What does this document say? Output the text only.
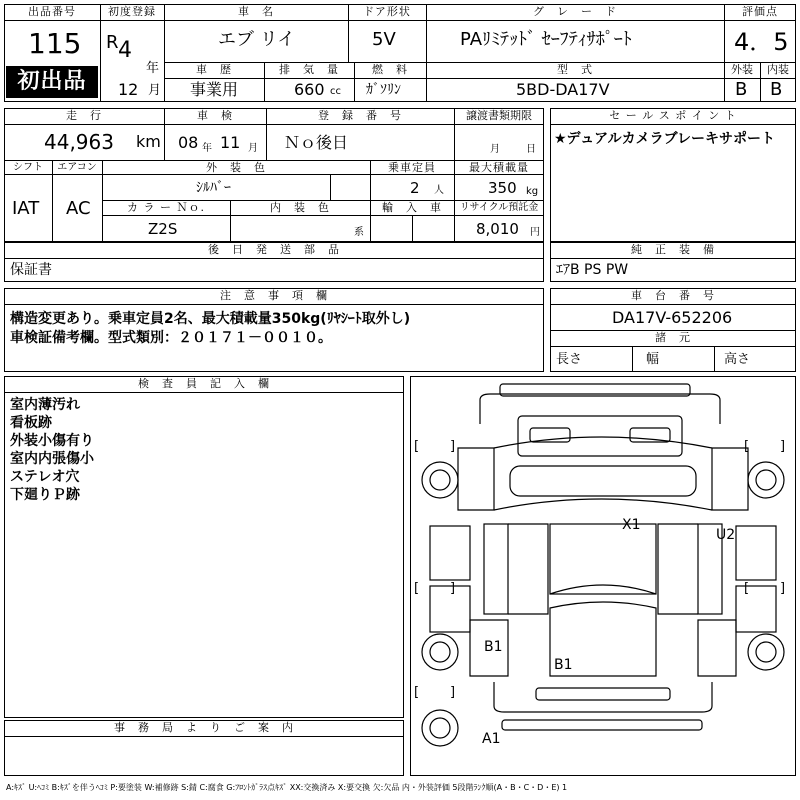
出品番号
115
初出品
初度登録
R 4
年
12 月
車　名
エブ リイ
ドア形状
5V
グ　レ　ー　ド
PAﾘﾐﾃｯﾄﾞ ｾｰﾌﾃｨｻﾎﾟｰﾄ
評価点
4．5
車　歴
事業用
排　気　量
660 cc
燃　料
ｶﾞｿﾘﾝ
型　式
5BD-DA17V
外装	内装
B B
走　行
44,963 km
車　検
08 年 11 月
登　録　番　号
Ｎｏ後日
譲渡書類期限
月	日
セ ー ル ス ポ イ ン ト
★デュアルカメラブレーキサポート
シフト
IAT
エアコン
AC
外　装　色
ｼﾙﾊﾞｰ
乗車定員
2 人
最大積載量
350 kg
カ ラ ー Ｎｏ.
Z2S
内　装　色
系
輸　入　車	リサイクル預託金
8,010 円
後　日　発　送　部　品
保証書
純　正　装　備
ｴｱB PS PW
注　意　事　項　欄
構造変更あり。乗車定員2名、最大積載量350kg(ﾘﾔｼｰﾄ取外し)
車検証備考欄。型式類別：２０１７１－００１０。
車　台　番　号
DA17V-652206
諸　元
長さ	幅	高さ
検　査　員　記　入　欄
室内薄汚れ
看板跡
外装小傷有り
室内内張傷小
ステレオ穴
下廻りＰ跡
事　務　局　よ　り　ご　案　内
[ ]	[ ]
[ ]	[ ]
[ ]
X1
U2
B1
B1
A1
A:ｷｽﾞ U:ﾍｺﾐ B:ｷｽﾞを伴うﾍｺﾐ P:要塗装 W:補修跡 S:錆 C:腐食 G:ﾌﾛﾝﾄｶﾞﾗｽ点ｷｽﾞ XX:交換済み X:要交換 欠:欠品 内・外装評価 5段階ﾗﾝｸ順(A・B・C・D・E) 1
